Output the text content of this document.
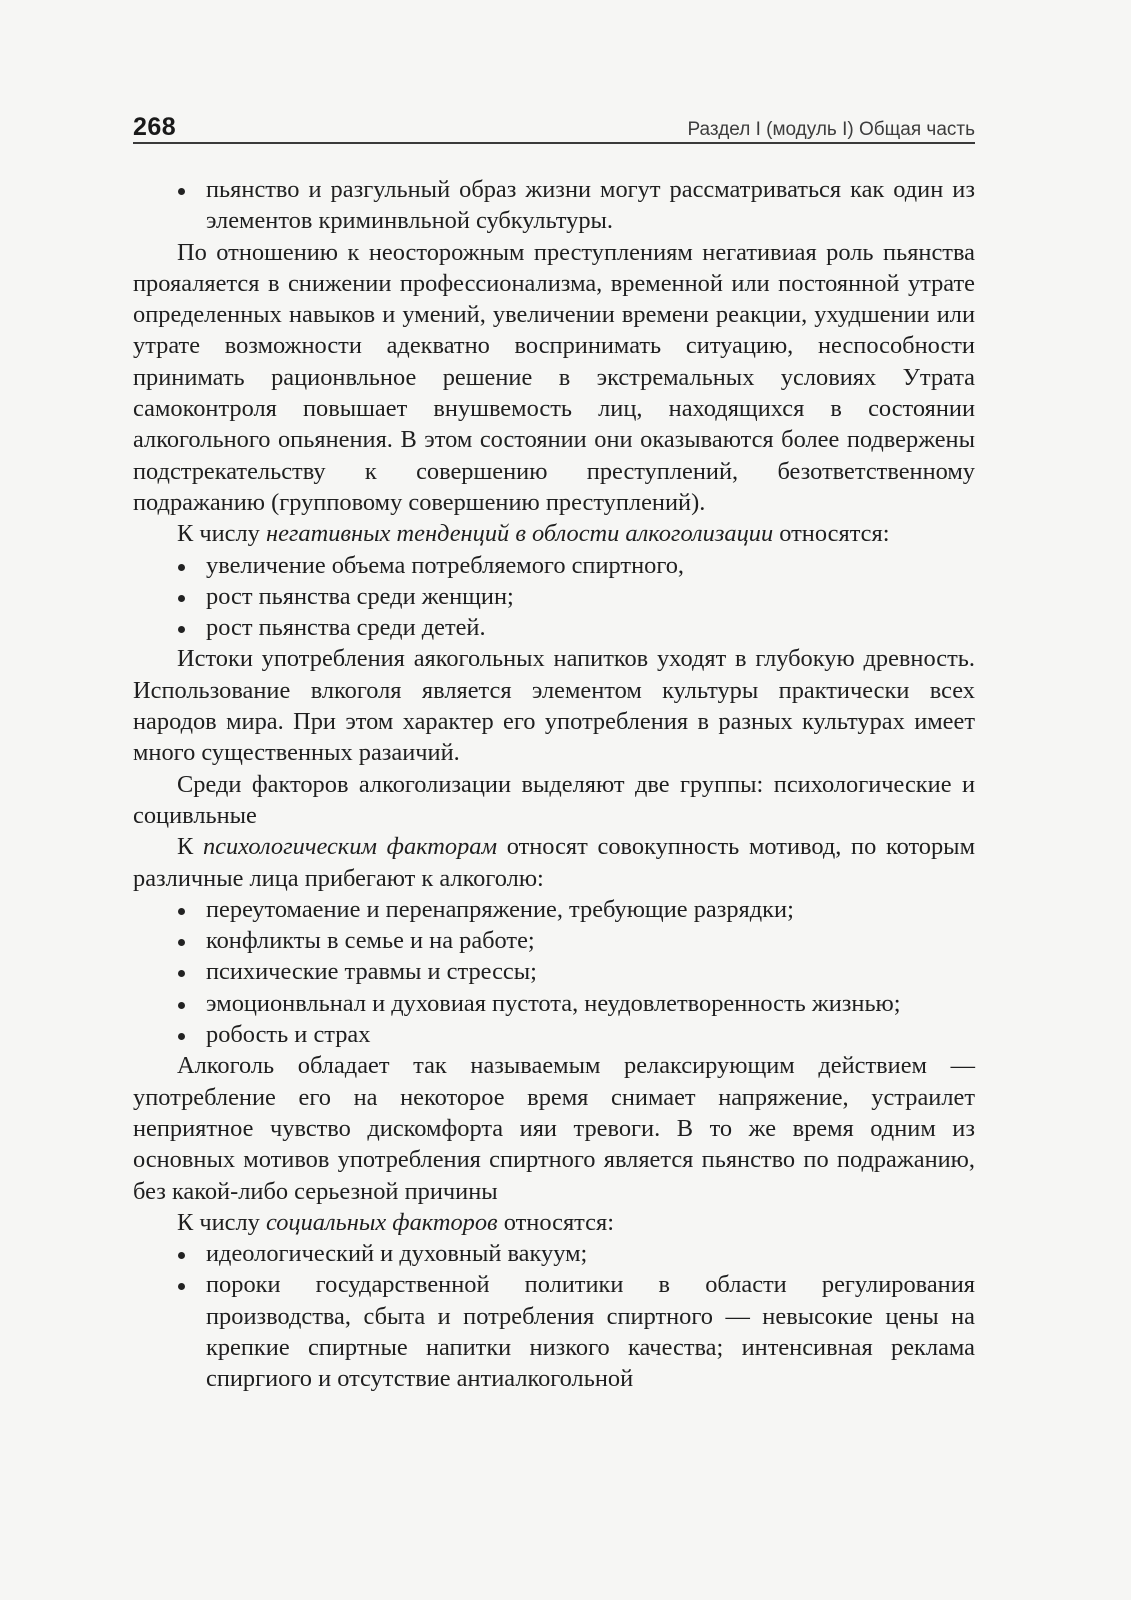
268	Раздел I (модуль I) Общая часть
пьянство и разгульный образ жизни могут рассматриваться как один из элементов криминвльной субкультуры.

По отношению к неосторожным преступлениям негативиая роль пьянства прояаляется в снижении профессионализма, временной или постоянной утрате определенных навыков и умений, увеличении времени реакции, ухудшении или утрате возможности адекватно воспринимать ситуацию, неспособности принимать рационвльное решение в экстремальных условиях Утрата самоконтроля повышает внушвемость лиц, находящихся в состоянии алкогольного опьянения. В этом состоянии они оказываются более подвержены подстрекательству к совершению преступлений, безответственному подражанию (групповому совершению преступлений).

К числу негативных тенденций в облости алкоголизации относятся:

увеличение объема потребляемого спиртного,
рост пьянства среди женщин;
рост пьянства среди детей.

Истоки употребления аякогольных напитков уходят в глубокую древность. Использование влкоголя является элементом культуры практически всех народов мира. При этом характер его употребления в разных культурах имеет много существенных разаичий.

Среди факторов алкоголизации выделяют две группы: психологические и социвльные

К психологическим факторам относят совокупность мотивод, по которым различные лица прибегают к алкоголю:

переутомаение и перенапряжение, требующие разрядки;
конфликты в семье и на работе;
психические травмы и стрессы;
эмоционвльнал и духовиая пустота, неудовлетворенность жизнью;
робость и страх

Алкоголь обладает так называемым релаксирующим действием — употребление его на некоторое время снимает напряжение, устраилет неприятное чувство дискомфорта ияи тревоги. В то же время одним из основных мотивов употребления спиртного является пьянство по подражанию, без какой-либо серьезной причины

К числу социальных факторов относятся:

идеологический и духовный вакуум;
пороки государственной политики в области регулирования производства, сбыта и потребления спиртного — невысокие цены на крепкие спиртные напитки низкого качества; интенсивная реклама спиргиого и отсутствие антиалкогольной
